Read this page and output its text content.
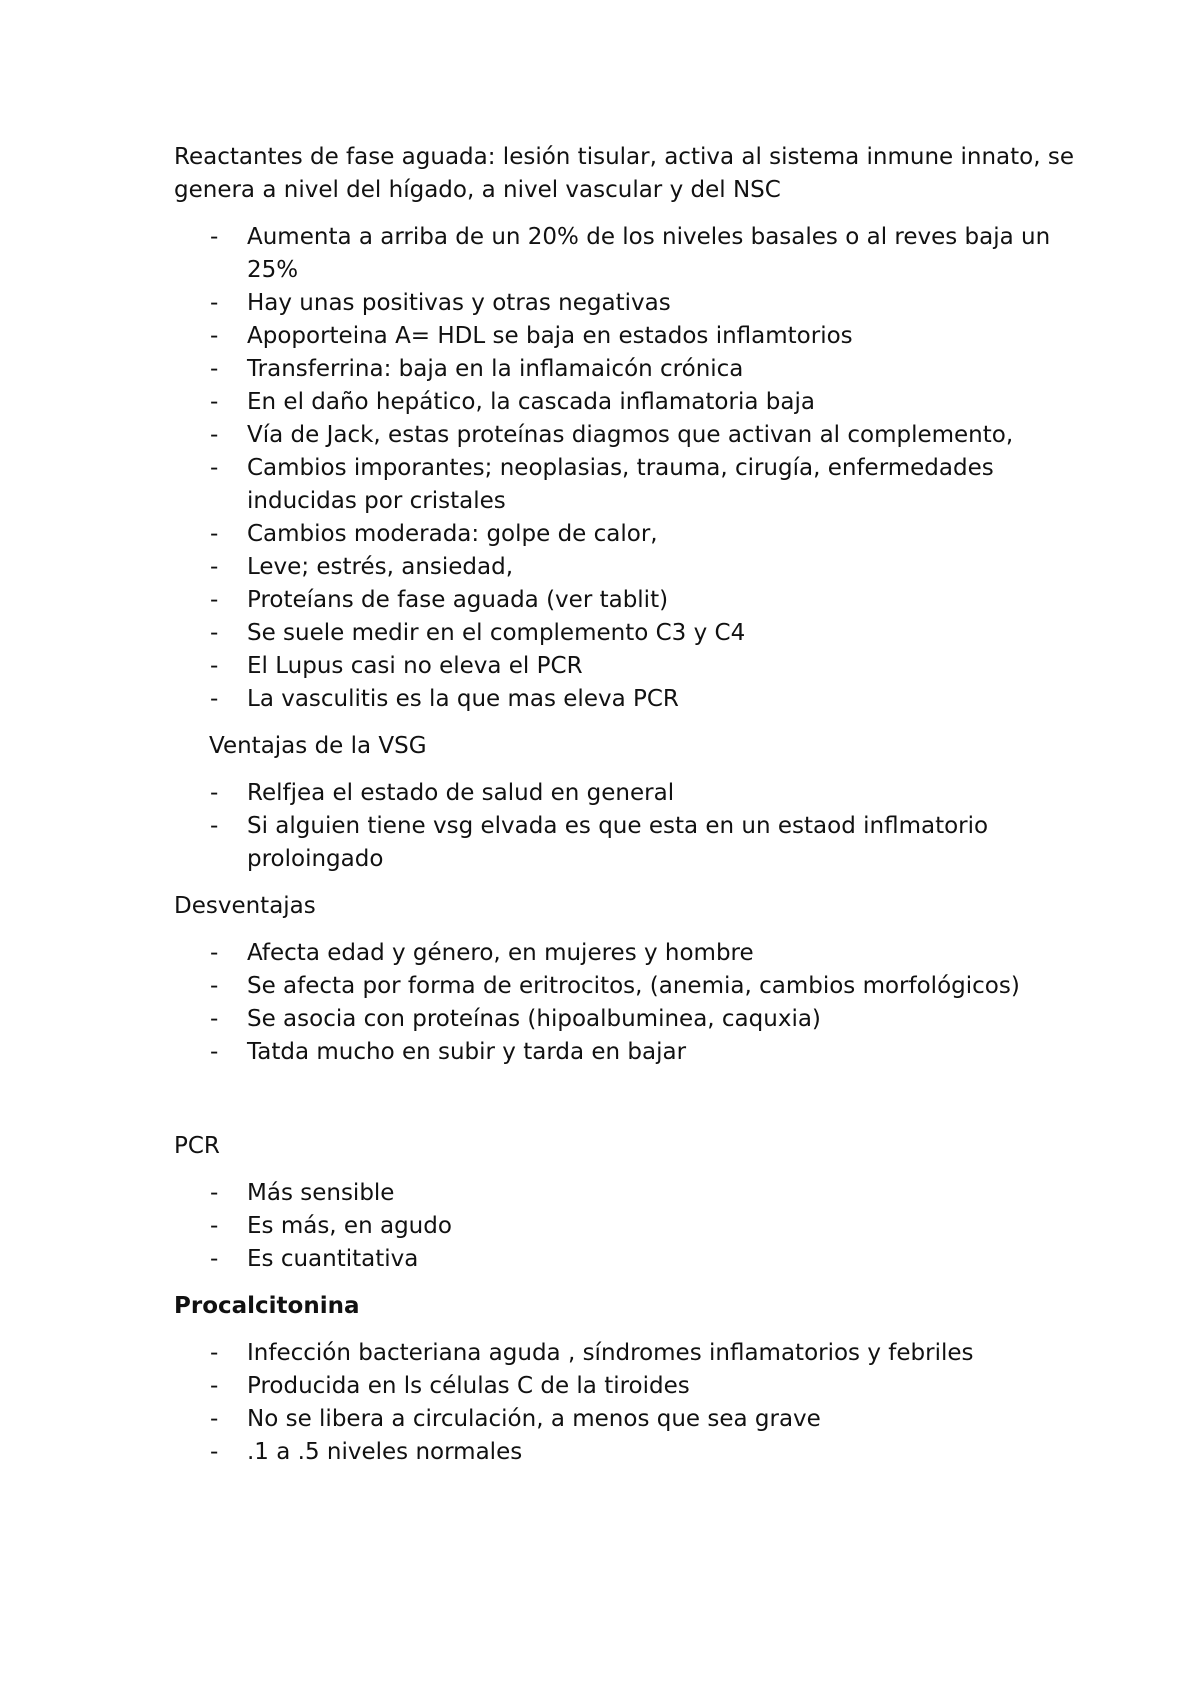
Reactantes de fase aguada: lesión tisular, activa al sistema inmune innato, se genera a nivel del hígado, a nivel vascular y del NSC

- Aumenta a arriba de un 20% de los niveles basales o al reves baja un 25%
- Hay unas positivas y otras negativas
- Apoporteina A= HDL se baja en estados inflamtorios
- Transferrina: baja en la inflamaicón crónica
- En el daño hepático, la cascada inflamatoria baja
- Vía de Jack, estas proteínas diagmos que activan al complemento,
- Cambios imporantes; neoplasias, trauma, cirugía, enfermedades inducidas por cristales
- Cambios moderada: golpe de calor,
- Leve; estrés, ansiedad,
- Proteíans de fase aguada (ver tablit)
- Se suele medir en el complemento C3 y C4
- El Lupus casi no eleva el PCR
- La vasculitis es la que mas eleva PCR

Ventajas de la VSG

- Relfjea el estado de salud en general
- Si alguien tiene vsg elvada es que esta en un estaod inflmatorio proloingado

Desventajas

- Afecta edad y género, en mujeres y hombre
- Se afecta por forma de eritrocitos, (anemia, cambios morfológicos)
- Se asocia con proteínas (hipoalbuminea, caquxia)
- Tatda mucho en subir y tarda en bajar

PCR

- Más sensible
- Es más, en agudo
- Es cuantitativa

Procalcitonina

- Infección bacteriana aguda , síndromes inflamatorios y febriles
- Producida en ls células C de la tiroides
- No se libera a circulación, a menos que sea grave
- .1 a .5 niveles normales
